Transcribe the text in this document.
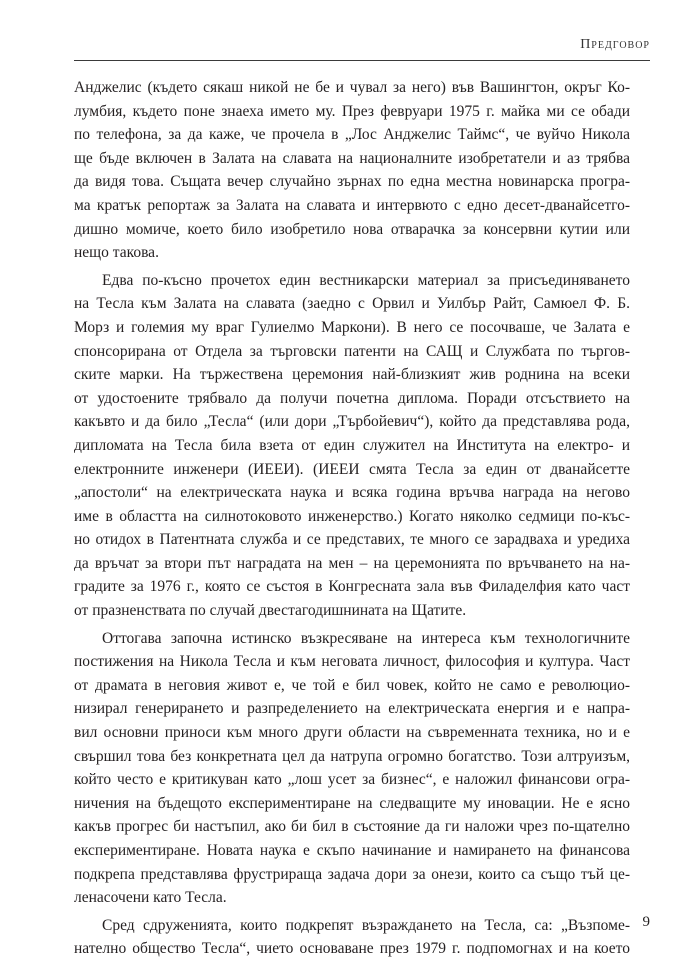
Предговор
Анджелис (където сякаш никой не бе и чувал за него) във Вашингтон, окръг Ко-
лумбия, където поне знаеха името му. През февруари 1975 г. майка ми се обади
по телефона, за да каже, че прочела в „Лос Анджелис Таймс“, че вуйчо Никола
ще бъде включен в Залата на славата на националните изобретатели и аз трябва
да видя това. Същата вечер случайно зърнах по една местна новинарска програ-
ма кратък репортаж за Залата на славата и интервюто с едно десет-дванайсетго-
дишно момиче, което било изобретило нова отварачка за консервни кутии или
нещо такова.
Едва по-късно прочетох един вестникарски материал за присъединяването
на Тесла към Залата на славата (заедно с Орвил и Уилбър Райт, Самюел Ф. Б.
Морз и големия му враг Гулиелмо Маркони). В него се посочваше, че Залата е
спонсорирана от Отдела за търговски патенти на САЩ и Службата по търгов-
ските марки. На тържествена церемония най-близкият жив роднина на всеки
от удостоените трябвало да получи почетна диплома. Поради отсъствието на
какъвто и да било „Тесла“ (или дори „Търбойевич“), който да представлява рода,
дипломата на Тесла била взета от един служител на Института на електро- и
електронните инженери (ИЕЕИ). (ИЕЕИ смята Тесла за един от дванайсетте
„апостоли“ на електрическата наука и всяка година връчва награда на негово
име в областта на силнотоковото инженерство.) Когато няколко седмици по-къс-
но отидох в Патентната служба и се представих, те много се зарадваха и уредиха
да връчат за втори път наградата на мен – на церемонията по връчването на на-
градите за 1976 г., която се състоя в Конгресната зала във Филаделфия като част
от празненствата по случай двестагодишнината на Щатите.
Оттогава започна истинско възкресяване на интереса към технологичните
постижения на Никола Тесла и към неговата личност, философия и култура. Част
от драмата в неговия живот е, че той е бил човек, който не само е революцио-
низирал генерирането и разпределението на електрическата енергия и е напра-
вил основни приноси към много други области на съвременната техника, но и е
свършил това без конкретната цел да натрупа огромно богатство. Този алтруизъм,
който често е критикуван като „лош усет за бизнес“, е наложил финансови огра-
ничения на бъдещото експериментиране на следващите му иновации. Не е ясно
какъв прогрес би настъпил, ако би бил в състояние да ги наложи чрез по-щателно
експериментиране. Новата наука е скъпо начинание и намирането на финансова
подкрепа представлява фрустрираща задача дори за онези, които са също тъй це-
ленасочени като Тесла.
Сред сдруженията, които подкрепят възраждането на Тесла, са: „Възпоме-
нателно общество Тесла“, чието основаване през 1979 г. подпомогнах и на което
9
